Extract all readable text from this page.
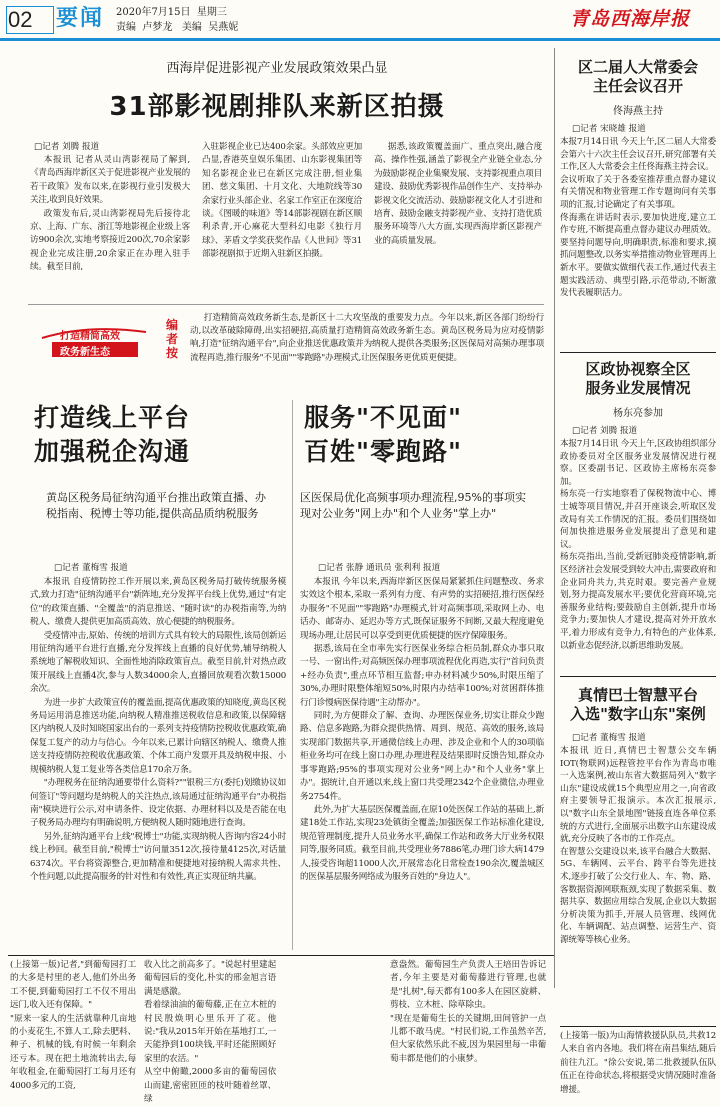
02 要闻 2020年7月15日 星期三
责编 卢梦龙 美编 吴燕妮	青岛西海岸报
西海岸促进影视产业发展政策效果凸显
31部影视剧排队来新区拍摄
□记者 刘腾 报道
本报讯 记者从灵山湾影视局了解到,《青岛西海岸新区关于促进影视产业发展的若干政策》发布以来,在影视行业引发极大关注,收到良好效果。
政策发布后,灵山湾影视局先后接待北京、上海、广东、浙江等地影视企业级上客访900余次,实地考察接近200次,70余家影视企业完成注册,20余家正在办理入驻手续。截至目前,
入驻影视企业已达400余家。头部效应更加凸显,香港英皇娱乐集团、山东影视集团等知名影视企业已在新区完成注册,恒业集团、慈文集团、十月文化、大地院线等30余家行业头部企业、名家工作室正在深度洽谈。《图暖的味道》等14部影视剧在新区顺利杀青,开心麻花大型科幻电影《独行月球》、茅盾文学奖获奖作品《人世间》等31部影视剧拟于近期入驻新区拍摄。
据悉,该政策覆盖面广、重点突出,融合度高、操作性强,涵盖了影视全产业链全业态,分为鼓励影视企业集聚发展、支持影视重点项目建设、鼓励优秀影视作品创作生产、支持举办影视文化交流活动、鼓励影视文化人才引进和培育、鼓励金融支持影视产业、支持打造优质服务环境等八大方面,实现西海岸新区影视产业的高质量发展。
打造精简高效
政务新生态
编者按
打造精简高效政务新生态,是新区十二大攻坚战的重要发力点。今年以来,新区各部门纷纷行动,以改革破除障碍,出实招硬招,高质量打造精简高效政务新生态。黄岛区税务局为应对疫情影响,打造"征纳沟通平台",向企业推送优惠政策并为纳税人提供各类服务;区医保局对高频办理事项流程再造,推行服务"不见面""零跑路"办理模式,让医保服务更优质更便捷。
打造线上平台
加强税企沟通
黄岛区税务局征纳沟通平台推出政策直播、办税指南、税博士等功能,提供高品质纳税服务
□记者 董梅雪 报道
本报讯 自疫情防控工作开展以来,黄岛区税务局打破传统服务模式,致力打造"征纳沟通平台"新阵地,充分发挥平台线上优势,通过"有定位"的政策直播、"全覆盖"的消息推送、"随时读"的办税指南等,为纳税人、缴费人提供更加高质高效、放心便捷的纳税服务。
受疫情冲击,原始、传统的培训方式具有较大的局限性,该局创新运用征纳沟通平台进行直播,充分发挥线上直播的良好优势,辅导纳税人系统地了解税收知识、全面性地消除政策盲点。截至目前,针对热点政策开展线上直播4次,参与人数34000余人,直播回放观看次数15000余次。
为进一步扩大政策宣传的覆盖面,提高优惠政策的知晓度,黄岛区税务局运用消息推送功能,向纳税人精准推送税收信息和政策,以保障辖区内纳税人及时知晓国家出台的一系列支持疫情防控税收优惠政策,确保复工复产的动力与信心。今年以来,已累计向辖区纳税人、缴费人推送支持疫情防控税收优惠政策、个体工商户发票开具及纳税申报、小规模纳税人复工复业等各类信息170余万条。
"办理税务在征纳沟通要带什么资料?""银税三方(委托)划缴协议如何签订"等问题均是纳税人的关注热点,该局通过征纳沟通平台"办税指南"模块进行公示,对申请条件、设定依据、办理材料以及是否能在电子税务局办理均有明确说明,方便纳税人随时随地进行查询。
另外,征纳沟通平台上线"税博士"功能,实现纳税人咨询内容24小时线上秒回。截至目前,"税博士"访问量3512次,接待量4125次,对话量6374次。平台将资源整合,更加精准和便捷地对接纳税人需求共性、个性问题,以此提高服务的针对性和有效性,真正实现征纳共赢。
服务"不见面"
百姓"零跑路"
区医保局优化高频事项办理流程,95%的事项实现对公业务"网上办"和个人业务"掌上办"
□记者 张静 通讯员 张利利 报道
本报讯 今年以来,西海岸新区医保局紧紧抓住问题整改、务求实效这个根本,采取一系列有力度、有声势的实招硬招,推行医保经办服务"不见面""零跑路"办理模式,针对高频事项,采取网上办、电话办、邮寄办、延迟办等方式,既保证服务不间断,又最大程度避免现场办理,让居民可以享受到更优质便捷的医疗保障服务。
据悉,该局在全市率先实行医保业务综合柜员制,群众办事只取一号、一窗出件;对高频医保办理事项流程优化再造,实行"首问负责+经办负责",重点环节相互监督;申办材料减少50%,时限压缩了30%,办理时限整体缩短50%,时限内办结率100%;对贫困群体推行门诊慢病医保待遇"主动帮办"。
同时,为方便群众了解、查询、办理医保业务,切实让群众少跑路、信息多跑路,为群众提供热情、周到、规范、高效的服务,该局实现部门数据共享,开通微信线上办理、涉及企业和个人的30项临柜业务均可在线上窗口办理,办理进程及结果即时反馈告知,群众办事零跑路;95%的事项实现对公业务"网上办"和个人业务"掌上办"。据统计,自开通以来,线上窗口共受理2342个企业微信,办理业务2754件。
此外,为扩大基层医保覆盖面,在原10处医保工作站的基础上,新建18处工作站,实现23处镇街全覆盖;加强医保工作站标准化建设,规范管理制度,提升人员业务水平,确保工作站和政务大厅业务权限同等,服务同质。截至目前,共受理业务7886笔,办理门诊大病1479人,接受咨询超11000人次,开展常态化日常检查190余次,覆盖城区的医保基层服务网络成为服务百姓的"身边人"。
(上接第一版)记者,"到葡萄园打工的大多是村里的老人,他们外出务工不便,到葡萄园打工不仅不用出远门,收入还有保障。"
"原来一家人的生活就靠种几亩地的小麦花生,不算人工,除去肥料、种子、机械的钱,有时候一年剩余还亏本。现在把土地流转出去,每年收租金,在葡萄园打工每月还有4000多元的工资,
收入比之前高多了。"说起村里建起葡萄园后的变化,朴实的邢金旭言语满是感激。
看着绿油油的葡萄藤,正在立木桩的村民殷焕明心里乐开了花。他说:"我从2015年开始在基地打工,一天能挣到100块钱,平时还能照顾好家里的农活。"
从空中俯瞰,2000多亩的葡萄园依山而建,密密匝匝的枝叶随着丝罩、绿
意盎然。葡萄园生产负责人王培田告诉记者,今年主要是对葡萄藤进行管理,也就是"扎树",每天都有100多人在园区旋耕、剪枝、立木桩、除草除虫。
"现在是葡萄生长的关键期,田间管护一点儿都不敢马虎。"村民们说,工作虽然辛苦,但大家依然乐此不疲,因为果园里每一串葡萄丰都是他们的小康梦。
区二届人大常委会
主任会议召开
佟海燕主持
□记者 宋晓雄 报道
本报7月14日讯 今天上午,区二届人大常委会第六十六次主任会议召开,研究部署有关工作,区人大常委会主任佟海燕主持会议。
会议听取了关于各委室推荐重点督办建议有关情况和物业管理工作专题询问有关事项的汇报,讨论确定了有关事项。
佟海燕在讲话时表示,要加快进度,建立工作专班,不断提高重点督办建议办理质效。要坚持问题导向,明确职责,标准和要求,摸抓问题整改,以务实举措推动物业管理再上新水平。要做实做细代表工作,通过代表主题实践活动、典型引路,示范带动,不断激发代表履职活力。
区政协视察全区
服务业发展情况
杨东亮参加
□记者 刘腾 报道
本报7月14日讯 今天上午,区政协组织部分政协委员对全区服务业发展情况进行视察。区委副书记、区政协主席杨东亮参加。
杨东亮一行实地察看了保税物流中心、博士城等项目情况,并召开座谈会,听取区发改局有关工作情况的汇报。委员们围绕如何加快推进服务业发展提出了意见和建议。
杨东亮指出,当前,受新冠肺炎疫情影响,新区经济社会发展受到较大冲击,需要政府和企业同舟共力,共克时艰。要完善产业规划,努力提高发展水平;要优化营商环境,完善服务业结构;要鼓励自主创新,提升市场竞争力;要加快人才建设,提高对外开放水平,着力形成有竞争力,有特色的产业体系,以新业态促经济,以新思维助发展。
真情巴士智慧平台
入选"数字山东"案例
□记者 董梅雪 报道
本报讯 近日,真情巴士智慧公交车辆IOT(物联网)远程管控平台作为青岛市唯一入选案例,被山东省大数据局列入"数字山东"建设成就15个典型应用之一,向省政府主要领导汇报演示。本次汇报展示,以"数字山东全景地图"链接直连各单位系统的方式进行,全面展示出数字山东建设成就,充分反映了各市的工作亮点。
在智慧公交建设以来,该平台融合大数据、5G、车辆网、云平台、跨平台等先进技术,逐步打破了公交行业人、车、物、路、客数据资源网联瓶颈,实现了数据采集、数据共享、数据应用综合发展,企业以大数据分析决策为抓手,开展人员管理、线网优化、车辆调配、站点调整、运营生产、资源统筹等核心业务。
(上接第一版)为山海情救援队队员,共救12人来自省内各地。我们将在南昌集结,随后前往九江。"徐公安说,第二批救援队伍队伍正在待命状态,将根据受灾情况随时准备增援。
